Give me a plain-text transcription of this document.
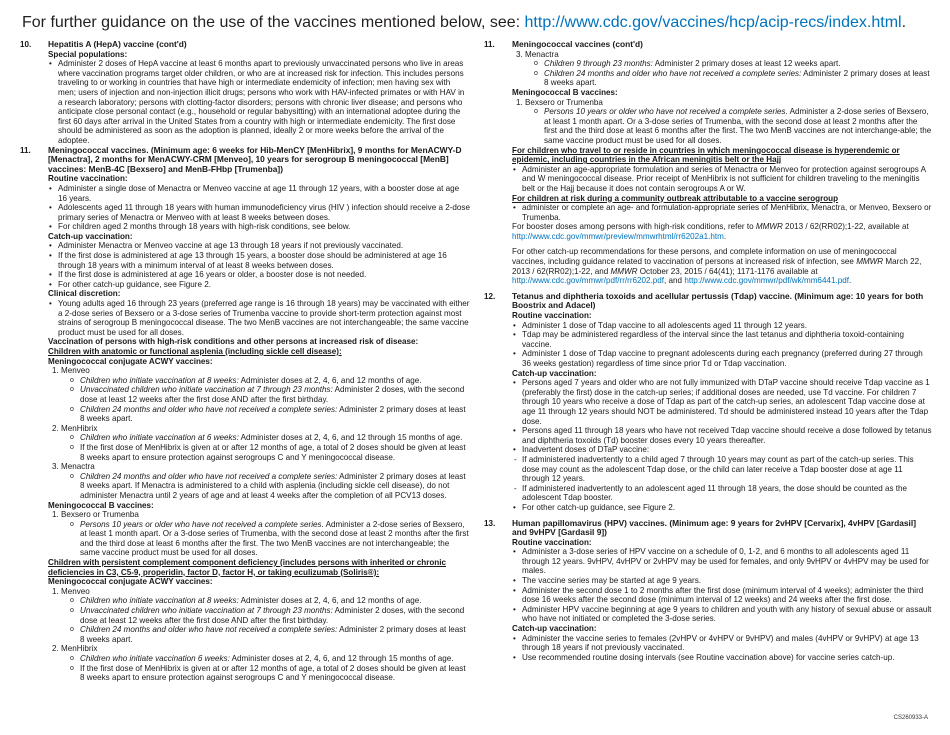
For further guidance on the use of the vaccines mentioned below, see: http://www.cdc.gov/vaccines/hcp/acip-recs/index.html.
10. Hepatitis A (HepA) vaccine (cont'd)
Special populations:
• Administer 2 doses of HepA vaccine at least 6 months apart to previously unvaccinated persons who live in areas where vaccination programs target older children, or who are at increased risk for infection. This includes persons traveling to or working in countries that have high or intermediate endemicity of infection; men having sex with men; users of injection and non-injection illicit drugs; persons who work with HAV-infected primates or with HAV in a research laboratory; persons with clotting-factor disorders; persons with chronic liver disease; and persons who anticipate close personal contact (e.g., household or regular babysitting) with an international adoptee during the first 60 days after arrival in the United States from a country with high or intermediate endemicity. The first dose should be administered as soon as the adoption is planned, ideally 2 or more weeks before the arrival of the adoptee.
11. Meningococcal vaccines. (Minimum age: 6 weeks for Hib-MenCY [MenHibrix], 9 months for MenACWY-D [Menactra], 2 months for MenACWY-CRM [Menveo], 10 years for serogroup B meningococcal [MenB] vaccines: MenB-4C [Bexsero] and MenB-FHbp [Trumenba])
Routine vaccination:
• Administer a single dose of Menactra or Menveo vaccine at age 11 through 12 years, with a booster dose at age 16 years.
• Adolescents aged 11 through 18 years with human immunodeficiency virus (HIV ) infection should receive a 2-dose primary series of Menactra or Menveo with at least 8 weeks between doses.
• For children aged 2 months through 18 years with high-risk conditions, see below.
Catch-up vaccination:
• Administer Menactra or Menveo vaccine at age 13 through 18 years if not previously vaccinated.
• If the first dose is administered at age 13 through 15 years, a booster dose should be administered at age 16 through 18 years with a minimum interval of at least 8 weeks between doses.
• If the first dose is administered at age 16 years or older, a booster dose is not needed.
• For other catch-up guidance, see Figure 2.
Clinical discretion:
• Young adults aged 16 through 23 years (preferred age range is 16 through 18 years) may be vaccinated with either a 2-dose series of Bexsero or a 3-dose series of Trumenba vaccine to provide short-term protection against most strains of serogroup B meningococcal disease. The two MenB vaccines are not interchangeable; the same vaccine product must be used for all doses.
Vaccination of persons with high-risk conditions and other persons at increased risk of disease:
Children with anatomic or functional asplenia (including sickle cell disease):
Meningococcal conjugate ACWY vaccines:
1. Menveo
o Children who initiate vaccination at 8 weeks: Administer doses at 2, 4, 6, and 12 months of age.
o Unvaccinated children who initiate vaccination at 7 through 23 months: Administer 2 doses, with the second dose at least 12 weeks after the first dose AND after the first birthday.
o Children 24 months and older who have not received a complete series: Administer 2 primary doses at least 8 weeks apart.
2. MenHibrix
o Children who initiate vaccination at 6 weeks: Administer doses at 2, 4, 6, and 12 through 15 months of age.
o If the first dose of MenHibrix is given at or after 12 months of age, a total of 2 doses should be given at least 8 weeks apart to ensure protection against serogroups C and Y meningococcal disease.
3. Menactra
o Children 24 months and older who have not received a complete series: Administer 2 primary doses at least 8 weeks apart. If Menactra is administered to a child with asplenia (including sickle cell disease), do not administer Menactra until 2 years of age and at least 4 weeks after the completion of all PCV13 doses.
Meningococcal B vaccines:
1. Bexsero or Trumenba
o Persons 10 years or older who have not received a complete series. Administer a 2-dose series of Bexsero, at least 1 month apart. Or a 3-dose series of Trumenba, with the second dose at least 2 months after the first and the third dose at least 6 months after the first. The two MenB vaccines are not interchangeable; the same vaccine product must be used for all doses.
Children with persistent complement component deficiency (includes persons with inherited or chronic deficiencies in C3, C5-9, properidin, factor D, factor H, or taking eculizumab (Soliris®):
Meningococcal conjugate ACWY vaccines:
1. Menveo
o Children who initiate vaccination at 8 weeks: Administer doses at 2, 4, 6, and 12 months of age.
o Unvaccinated children who initiate vaccination at 7 through 23 months: Administer 2 doses, with the second dose at least 12 weeks after the first dose AND after the first birthday.
o Children 24 months and older who have not received a complete series: Administer 2 primary doses at least 8 weeks apart.
2. MenHibrix
o Children who initiate vaccination 6 weeks: Administer doses at 2, 4, 6, and 12 through 15 months of age.
o If the first dose of MenHibrix is given at or after 12 months of age, a total of 2 doses should be given at least 8 weeks apart to ensure protection against serogroups C and Y meningococcal disease.
11. Meningococcal vaccines (cont'd)
3. Menactra
o Children 9 through 23 months: Administer 2 primary doses at least 12 weeks apart.
o Children 24 months and older who have not received a complete series: Administer 2 primary doses at least 8 weeks apart.
Meningococcal B vaccines:
1. Bexsero or Trumenba
o Persons 10 years or older who have not received a complete series. Administer a 2-dose series of Bexsero, at least 1 month apart. Or a 3-dose series of Trumenba, with the second dose at least 2 months after the first and the third dose at least 6 months after the first. The two MenB vaccines are not interchange-able; the same vaccine product must be used for all doses.
For children who travel to or reside in countries in which meningococcal disease is hyperendemic or epidemic, including countries in the African meningitis belt or the Hajj
• Administer an age-appropriate formulation and series of Menactra or Menveo for protection against serogroups A and W meningococcal disease. Prior receipt of MenHibrix is not sufficient for children traveling to the meningitis belt or the Hajj because it does not contain serogroups A or W.
For children at risk during a community outbreak attributable to a vaccine serogroup
• administer or complete an age- and formulation-appropriate series of MenHibrix, Menactra, or Menveo, Bexsero or Trumenba.
For booster doses among persons with high-risk conditions, refer to MMWR 2013 / 62(RR02);1-22, available at http://www.cdc.gov/mmwr/preview/mmwrhtml/rr6202a1.htm.
For other catch-up recommendations for these persons, and complete information on use of meningococcal vaccines, including guidance related to vaccination of persons at increased risk of infection, see MMWR March 22, 2013 / 62(RR02);1-22, and MMWR October 23, 2015 / 64(41); 1171-1176 available at http://www.cdc.gov/mmwr/pdf/rr/rr6202.pdf, and http://www.cdc.gov/mmwr/pdf/wk/mm6441.pdf.
12. Tetanus and diphtheria toxoids and acellular pertussis (Tdap) vaccine. (Minimum age: 10 years for both Boostrix and Adacel)
Routine vaccination:
• Administer 1 dose of Tdap vaccine to all adolescents aged 11 through 12 years.
• Tdap may be administered regardless of the interval since the last tetanus and diphtheria toxoid-containing vaccine.
• Administer 1 dose of Tdap vaccine to pregnant adolescents during each pregnancy (preferred during 27 through 36 weeks gestation) regardless of time since prior Td or Tdap vaccination.
Catch-up vaccination:
• Persons aged 7 years and older who are not fully immunized with DTaP vaccine should receive Tdap vaccine as 1 (preferably the first) dose in the catch-up series; if additional doses are needed, use Td vaccine. For children 7 through 10 years who receive a dose of Tdap as part of the catch-up series, an adolescent Tdap vaccine dose at age 11 through 12 years should NOT be administered. Td should be administered instead 10 years after the Tdap dose.
• Persons aged 11 through 18 years who have not received Tdap vaccine should receive a dose followed by tetanus and diphtheria toxoids (Td) booster doses every 10 years thereafter.
• Inadvertent doses of DTaP vaccine:
- If administered inadvertently to a child aged 7 through 10 years may count as part of the catch-up series. This dose may count as the adolescent Tdap dose, or the child can later receive a Tdap booster dose at age 11 through 12 years.
- If administered inadvertently to an adolescent aged 11 through 18 years, the dose should be counted as the adolescent Tdap booster.
• For other catch-up guidance, see Figure 2.
13. Human papillomavirus (HPV) vaccines. (Minimum age: 9 years for 2vHPV [Cervarix], 4vHPV [Gardasil] and 9vHPV [Gardasil 9])
Routine vaccination:
• Administer a 3-dose series of HPV vaccine on a schedule of 0, 1-2, and 6 months to all adolescents aged 11 through 12 years. 9vHPV, 4vHPV or 2vHPV may be used for females, and only 9vHPV or 4vHPV may be used for males.
• The vaccine series may be started at age 9 years.
• Administer the second dose 1 to 2 months after the first dose (minimum interval of 4 weeks); administer the third dose 16 weeks after the second dose (minimum interval of 12 weeks) and 24 weeks after the first dose.
• Administer HPV vaccine beginning at age 9 years to children and youth with any history of sexual abuse or assault who have not initiated or completed the 3-dose series.
Catch-up vaccination:
• Administer the vaccine series to females (2vHPV or 4vHPV or 9vHPV) and males (4vHPV or 9vHPV) at age 13 through 18 years if not previously vaccinated.
• Use recommended routine dosing intervals (see Routine vaccination above) for vaccine series catch-up.
CS260933-A
